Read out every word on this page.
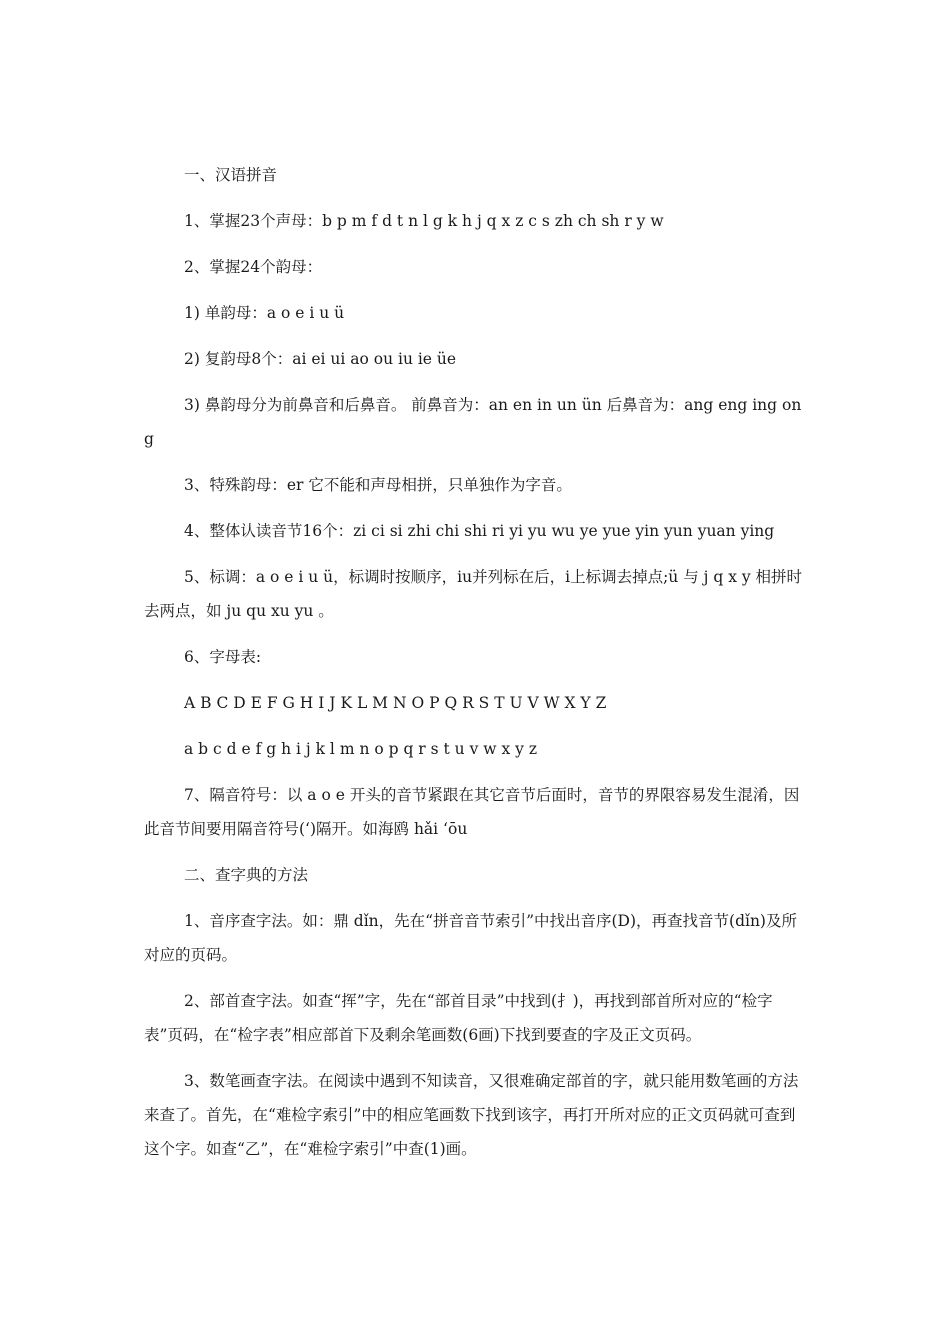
一、汉语拼音

1、掌握23个声母：b p m f d t n l g k h j q x z c s zh ch sh r y w

2、掌握24个韵母：

1) 单韵母：a o e i u ü

2) 复韵母8个：ai ei ui ao ou iu ie üe

3) 鼻韵母分为前鼻音和后鼻音。 前鼻音为：an en in un ün 后鼻音为：ang eng ing ong

3、特殊韵母：er 它不能和声母相拼，只单独作为字音。

4、整体认读音节16个：zi ci si zhi chi shi ri yi yu wu ye yue yin yun yuan ying

5、标调：a o e i u ü，标调时按顺序，iu并列标在后，i上标调去掉点;ü 与 j q x y 相拼时去两点，如 ju qu xu yu 。

6、字母表:

A B C D E F G H I J K L M N O P Q R S T U V W X Y Z

a b c d e f g h i j k l m n o p q r s t u v w x y z

7、隔音符号：以 a o e 开头的音节紧跟在其它音节后面时，音节的界限容易发生混淆，因此音节间要用隔音符号(‘)隔开。如海鸥 hǎi ‘ōu

二、查字典的方法

1、音序查字法。如：鼎 dǐn，先在“拼音音节索引”中找出音序(D)，再查找音节(dǐn)及所对应的页码。

2、部首查字法。如查“挥”字，先在“部首目录”中找到(扌)，再找到部首所对应的“检字表”页码，在“检字表”相应部首下及剩余笔画数(6画)下找到要查的字及正文页码。

3、数笔画查字法。在阅读中遇到不知读音，又很难确定部首的字，就只能用数笔画的方法来查了。首先，在“难检字索引”中的相应笔画数下找到该字，再打开所对应的正文页码就可查到这个字。如查“乙”，在“难检字索引”中查(1)画。
